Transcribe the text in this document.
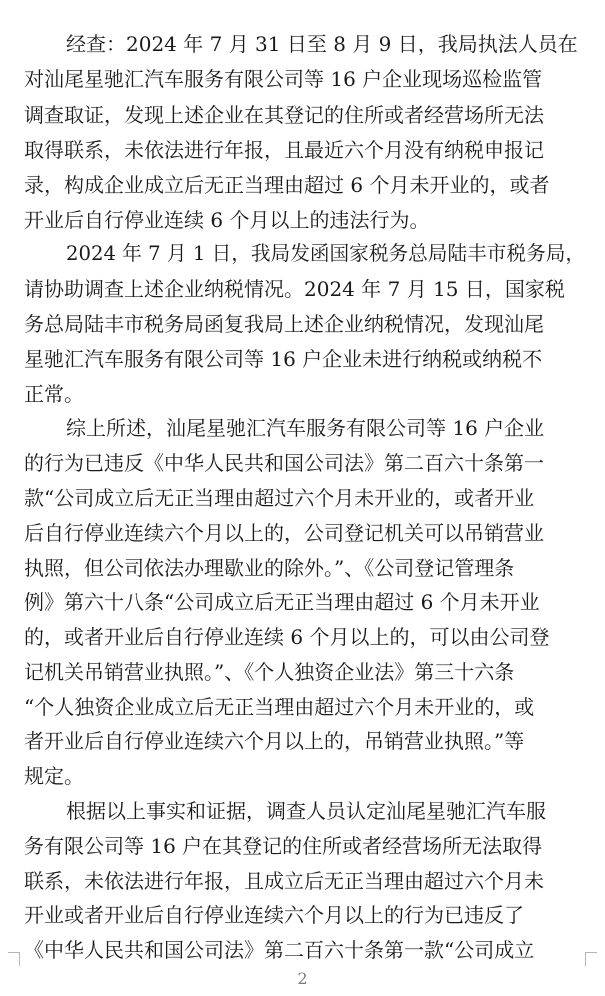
经查：2024 年 7 月 31 日至 8 月 9 日，我局执法人员在
对汕尾星驰汇汽车服务有限公司等 16 户企业现场巡检监管
调查取证，发现上述企业在其登记的住所或者经营场所无法
取得联系，未依法进行年报，且最近六个月没有纳税申报记
录，构成企业成立后无正当理由超过 6 个月未开业的，或者
开业后自行停业连续 6 个月以上的违法行为。
2024 年 7 月 1 日，我局发函国家税务总局陆丰市税务局，
请协助调查上述企业纳税情况。2024 年 7 月 15 日，国家税
务总局陆丰市税务局函复我局上述企业纳税情况，发现汕尾
星驰汇汽车服务有限公司等 16 户企业未进行纳税或纳税不
正常。
综上所述，汕尾星驰汇汽车服务有限公司等 16 户企业
的行为已违反《中华人民共和国公司法》第二百六十条第一
款“公司成立后无正当理由超过六个月未开业的，或者开业
后自行停业连续六个月以上的，公司登记机关可以吊销营业
执照，但公司依法办理歇业的除外。”、《公司登记管理条
例》第六十八条“公司成立后无正当理由超过 6 个月未开业
的，或者开业后自行停业连续 6 个月以上的，可以由公司登
记机关吊销营业执照。”、《个人独资企业法》第三十六条
“个人独资企业成立后无正当理由超过六个月未开业的，或
者开业后自行停业连续六个月以上的，吊销营业执照。”等
规定。
根据以上事实和证据，调查人员认定汕尾星驰汇汽车服
务有限公司等 16 户在其登记的住所或者经营场所无法取得
联系，未依法进行年报，且成立后无正当理由超过六个月未
开业或者开业后自行停业连续六个月以上的行为已违反了
《中华人民共和国公司法》第二百六十条第一款“公司成立
2
